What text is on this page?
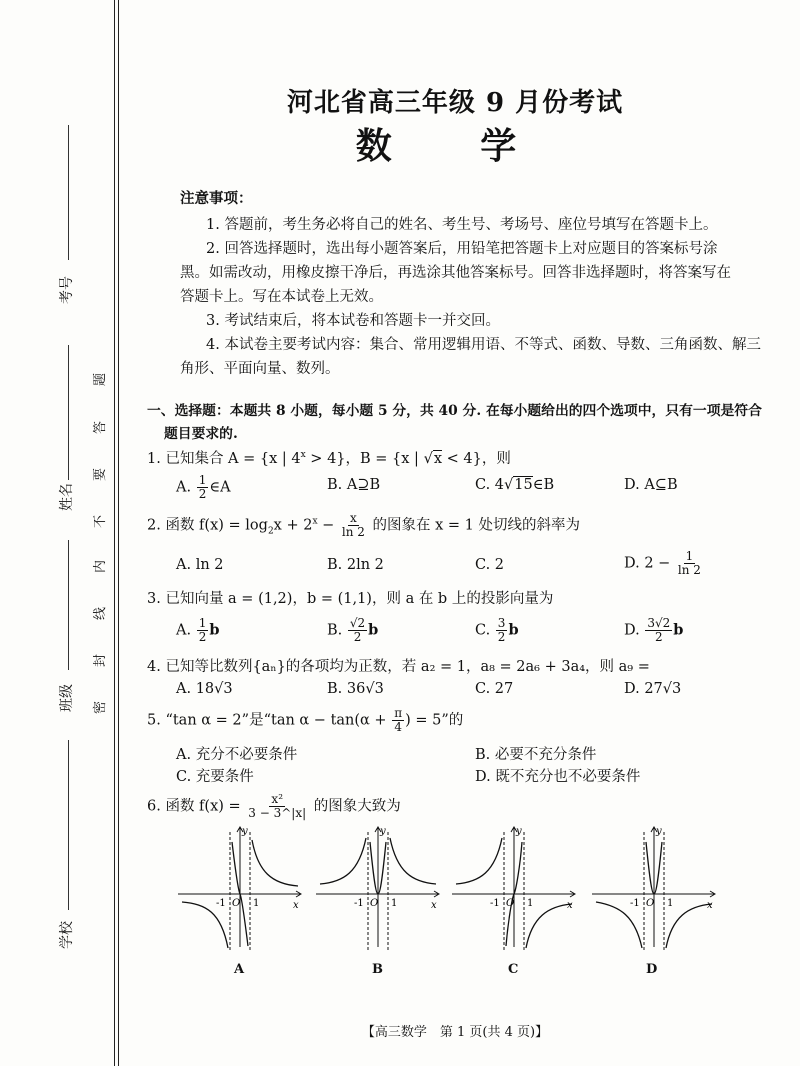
考号
姓名
班级
学校
密
封
线
内
不
要
答
题
河北省高三年级 9 月份考试
数 学
注意事项：
1. 答题前，考生务必将自己的姓名、考生号、考场号、座位号填写在答题卡上。
2. 回答选择题时，选出每小题答案后，用铅笔把答题卡上对应题目的答案标号涂
黑。如需改动，用橡皮擦干净后，再选涂其他答案标号。回答非选择题时，将答案写在
答题卡上。写在本试卷上无效。
3. 考试结束后，将本试卷和答题卡一并交回。
4. 本试卷主要考试内容：集合、常用逻辑用语、不等式、函数、导数、三角函数、解三
角形、平面向量、数列。
一、选择题：本题共 8 小题，每小题 5 分，共 40 分. 在每小题给出的四个选项中，只有一项是符合
题目要求的.
1. 已知集合 A = {x | $4^x > 4$}，B = {x | √x < 4}，则
A. $\frac{1}{2}$ ∈A	B. A⊇B	C. 4√15∈B	D. A⊆B
2. 函数 $f(x) = \log_2x + 2^x - \frac{x}{\ln 2}$ 的图象在 x = 1 处切线的斜率为
A. ln 2	B. 2ln 2	C. 2	D. $2 - \frac{1}{\ln 2}$
3. 已知向量 a = (1,2)，b = (1,1)，则 a 在 b 上的投影向量为
A. $\frac{1}{2}$ b	B. $\frac{√2}{2}$ b	C. $\frac{3}{2}$ b	D. $\frac{3√2}{2}$ b
4. 已知等比数列{aₙ}的各项均为正数，若 a₂ = 1，a₈ = 2a₆ + 3a₄，则 a₉ =
A. 18√3	B. 36√3	C. 27	D. 27√3
5. “tan α = 2”是“tan $\alpha - \tan(\alpha + \frac{\pi}{4}$ ) = 5”的
A. 充分不必要条件	B. 必要不充分条件
C. 充要条件	D. 既不充分也不必要条件
6. 函数 $f(x) = \frac{\text{x²}}{3 - 3\^{}|x|}$ 的图象大致为
y
x
O
-1	1
A
y
x
O
-1	1
B
y
x
O
-1	1
C
y
x
O
-1	1
D
【高三数学　第 1 页(共 4 页)】
